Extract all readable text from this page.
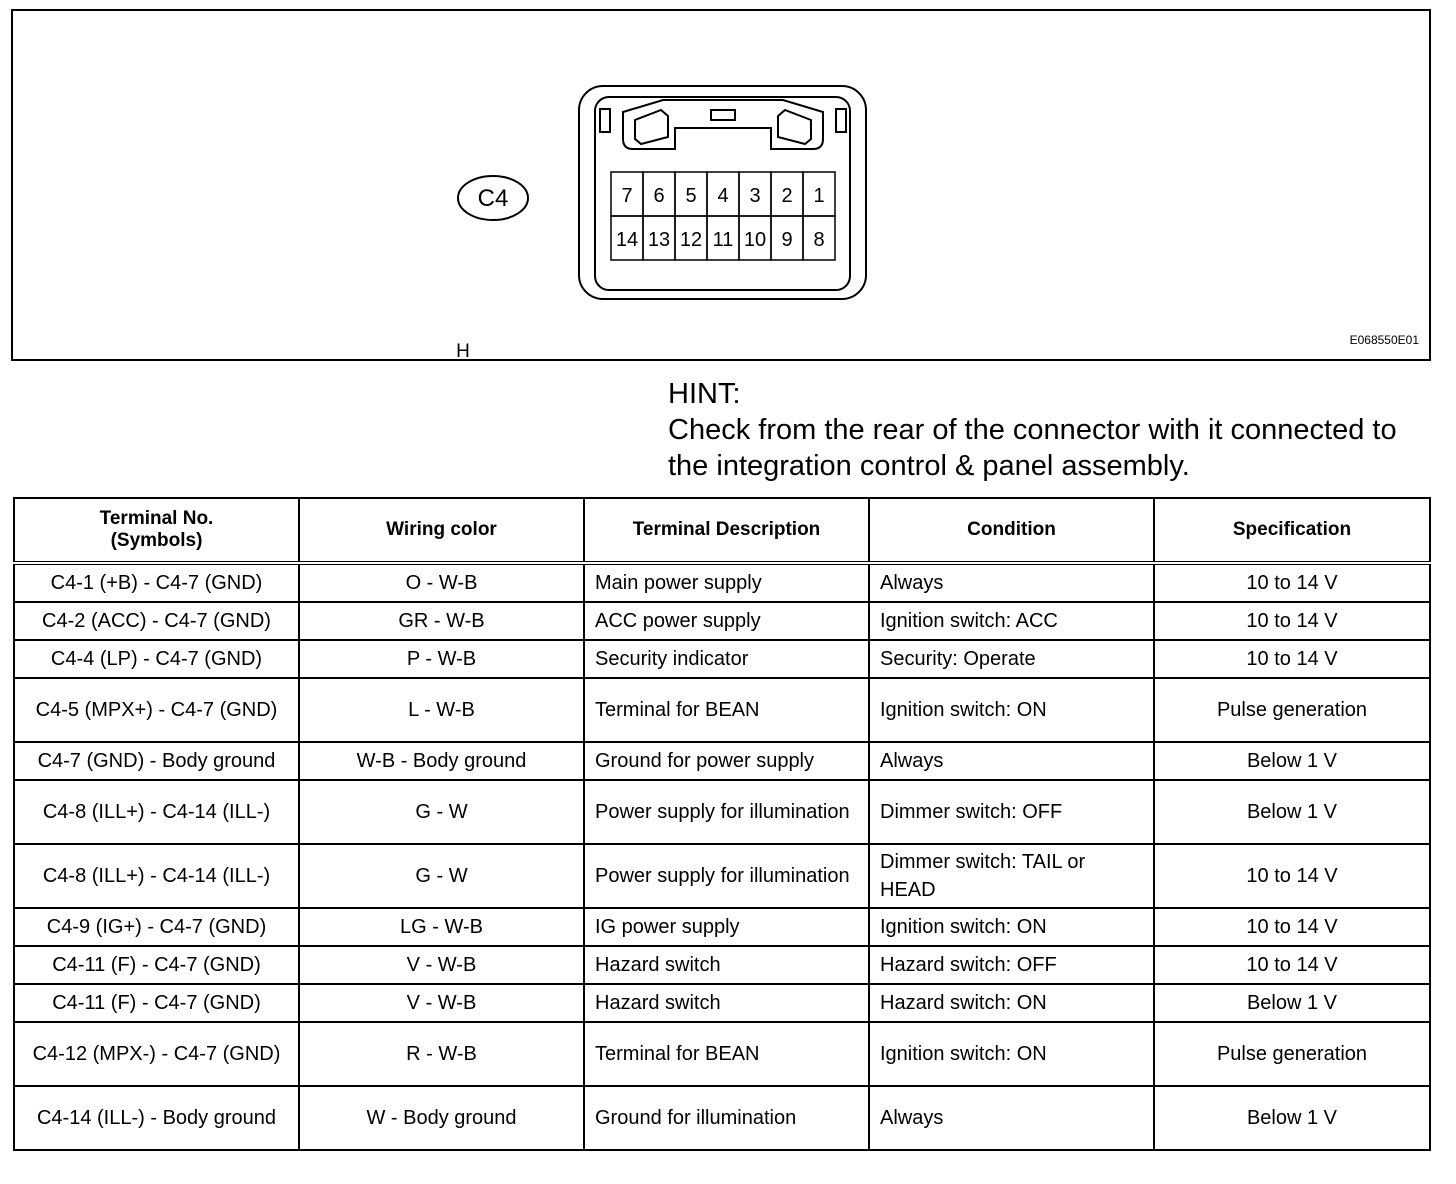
C4	7 6 5 4 3 2 1
14 13 12 11 10 9 8
H
E068550E01
HINT:
Check from the rear of the connector with it connected to
the integration control & panel assembly.
Terminal No.
(Symbols)	Wiring color	Terminal Description	Condition	Specification
C4-1 (+B) - C4-7 (GND)	O - W-B	Main power supply	Always	10 to 14 V
C4-2 (ACC) - C4-7 (GND)	GR - W-B	ACC power supply	Ignition switch: ACC	10 to 14 V
C4-4 (LP) - C4-7 (GND)	P - W-B	Security indicator	Security: Operate	10 to 14 V
C4-5 (MPX+) - C4-7 (GND)	L - W-B	Terminal for BEAN	Ignition switch: ON	Pulse generation
C4-7 (GND) - Body ground	W-B - Body ground	Ground for power supply	Always	Below 1 V
C4-8 (ILL+) - C4-14 (ILL-)	G - W	Power supply for illumination	Dimmer switch: OFF	Below 1 V
C4-8 (ILL+) - C4-14 (ILL-)	G - W	Power supply for illumination	Dimmer switch: TAIL or HEAD	10 to 14 V
C4-9 (IG+) - C4-7 (GND)	LG - W-B	IG power supply	Ignition switch: ON	10 to 14 V
C4-11 (F) - C4-7 (GND)	V - W-B	Hazard switch	Hazard switch: OFF	10 to 14 V
C4-11 (F) - C4-7 (GND)	V - W-B	Hazard switch	Hazard switch: ON	Below 1 V
C4-12 (MPX-) - C4-7 (GND)	R - W-B	Terminal for BEAN	Ignition switch: ON	Pulse generation
C4-14 (ILL-) - Body ground	W - Body ground	Ground for illumination	Always	Below 1 V
